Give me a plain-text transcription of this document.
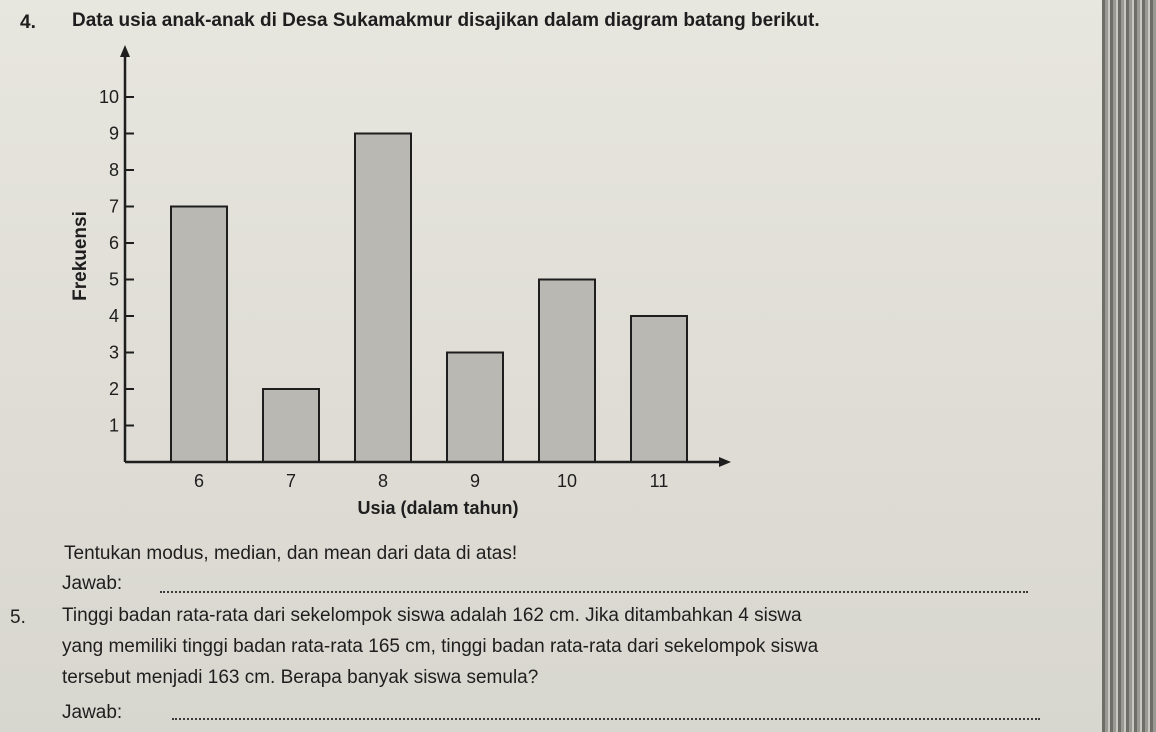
4. Data usia anak-anak di Desa Sukamakmur disajikan dalam diagram batang berikut.
1
2
3
4
5
6
7
8
9
10
6	7	8	9	10	11
Frekuensi
Usia (dalam tahun)
Tentukan modus, median, dan mean dari data di atas!
Jawab:
5. Tinggi badan rata-rata dari sekelompok siswa adalah 162 cm. Jika ditambahkan 4 siswa
yang memiliki tinggi badan rata-rata 165 cm, tinggi badan rata-rata dari sekelompok siswa
tersebut menjadi 163 cm. Berapa banyak siswa semula?
Jawab:
